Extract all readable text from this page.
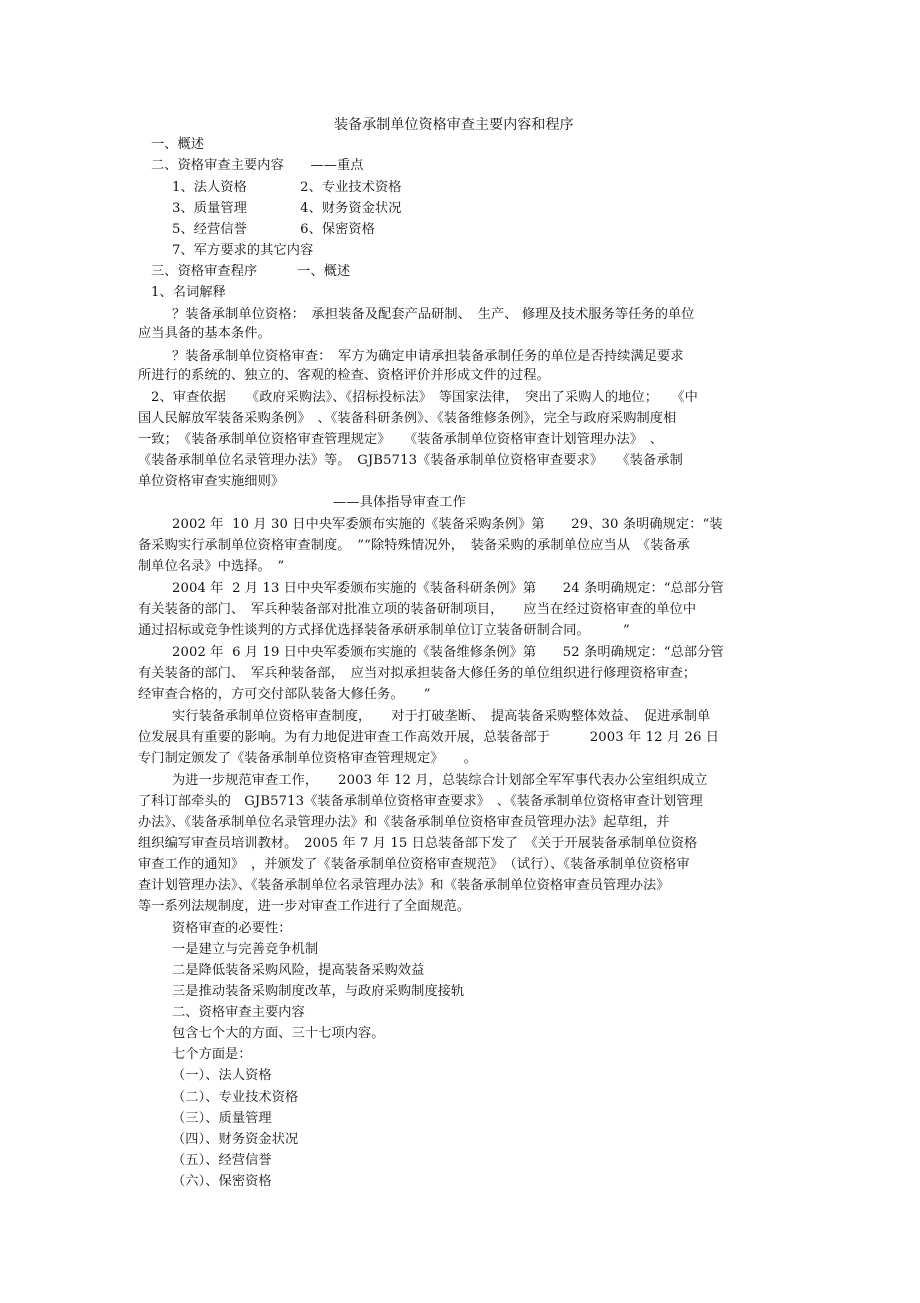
装备承制单位资格审查主要内容和程序
一、概述
二、资格审查主要内容　　——重点
1、法人资格　　　　2、专业技术资格
3、质量管理　　　　4、财务资金状况
5、经营信誉　　　　6、保密资格
7、军方要求的其它内容
三、资格审查程序　　　一、概述
1、名词解释
？装备承制单位资格：　承担装备及配套产品研制、　生产、 修理及技术服务等任务的单位
应当具备的基本条件。
？装备承制单位资格审查：　军方为确定申请承担装备承制任务的单位是否持续满足要求
所进行的系统的、独立的、客观的检查、资格评价并形成文件的过程。
2、审查依据　　《政府采购法》、《招标投标法》　等国家法律，　突出了采购人的地位；　　《中
国人民解放军装备采购条例》　、《装备科研条例》、《装备维修条例》，完全与政府采购制度相
一致；　《装备承制单位资格审查管理规定》　　《装备承制单位资格审查计划管理办法》　、
《装备承制单位名录管理办法》等。　GJB5713《装备承制单位资格审查要求》　　《装备承制
单位资格审查实施细则》
——具体指导审查工作
2002 年  10 月 30 日中央军委颁布实施的《装备采购条例》第　　29、30 条明确规定：“装
备采购实行承制单位资格审查制度。　”“除特殊情况外，　装备采购的承制单位应当从　《装备承
制单位名录》中选择。　”
2004 年  2 月 13 日中央军委颁布实施的《装备科研条例》第　　24 条明确规定：“总部分管
有关装备的部门、　军兵种装备部对批准立项的装备研制项目，　　应当在经过资格审查的单位中
通过招标或竞争性谈判的方式择优选择装备承研承制单位订立装备研制合同。　　　”
2002 年  6 月 19 日中央军委颁布实施的《装备维修条例》第　　52 条明确规定：“总部分管
有关装备的部门、　军兵种装备部，　应当对拟承担装备大修任务的单位组织进行修理资格审查；
经审查合格的，方可交付部队装备大修任务。　　”
实行装备承制单位资格审查制度，　　对于打破垄断、　提高装备采购整体效益、　促进承制单
位发展具有重要的影响。为有力地促进审查工作高效开展，总装备部于　　　2003 年 12 月 26 日
专门制定颁发了《装备承制单位资格审查管理规定》　　。
为进一步规范审查工作，　　2003 年 12 月，总装综合计划部全军军事代表办公室组织成立
了科订部牵头的　GJB5713《装备承制单位资格审查要求》　、《装备承制单位资格审查计划管理
办法》、《装备承制单位名录管理办法》和《装备承制单位资格审查员管理办法》起草组，并
组织编写审查员培训教材。　2005 年 7 月 15 日总装备部下发了　《关于开展装备承制单位资格
审查工作的通知》　，并颁发了《装备承制单位资格审查规范》　（试行）、《装备承制单位资格审
查计划管理办法》、《装备承制单位名录管理办法》和《装备承制单位资格审查员管理办法》
等一系列法规制度，进一步对审查工作进行了全面规范。
资格审查的必要性：
一是建立与完善竞争机制
二是降低装备采购风险，提高装备采购效益
三是推动装备采购制度改革，与政府采购制度接轨
二、资格审查主要内容
包含七个大的方面、三十七项内容。
七个方面是：
（一）、法人资格
（二）、专业技术资格
（三）、质量管理
（四）、财务资金状况
（五）、经营信誉
（六）、保密资格
